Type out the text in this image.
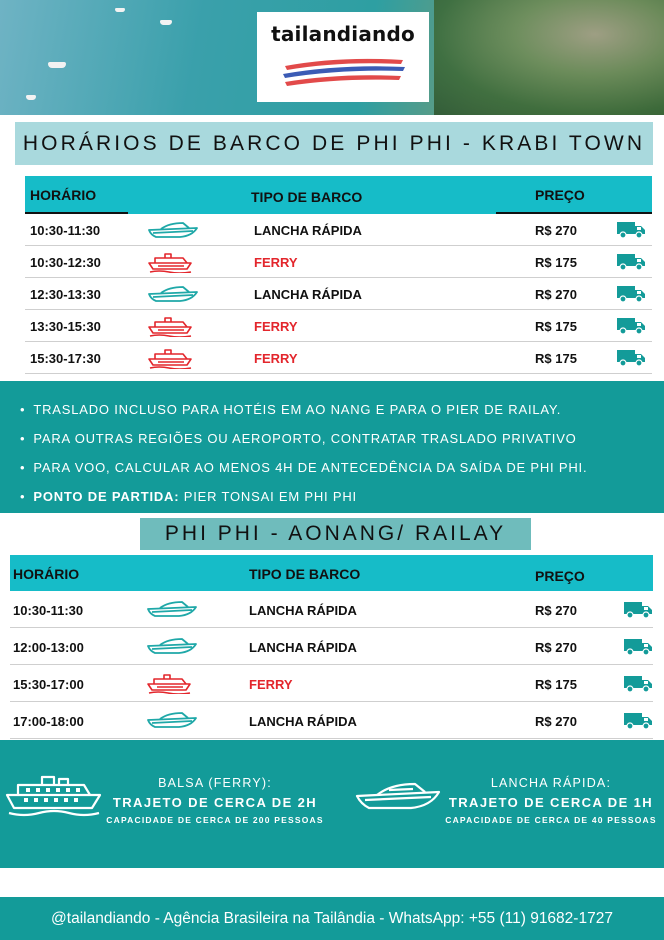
tailandiando
HORÁRIOS DE BARCO DE PHI PHI - KRABI TOWN
HORÁRIO	TIPO DE BARCO	PREÇO
10:30-11:30	LANCHA RÁPIDA	R$ 270
10:30-12:30	FERRY	R$ 175
12:30-13:30	LANCHA RÁPIDA	R$ 270
13:30-15:30	FERRY	R$ 175
15:30-17:30	FERRY	R$ 175
• TRASLADO INCLUSO PARA HOTÉIS EM AO NANG E PARA O PIER DE RAILAY.
• PARA OUTRAS REGIÕES OU AEROPORTO, CONTRATAR TRASLADO PRIVATIVO
• PARA VOO, CALCULAR AO MENOS 4H DE ANTECEDÊNCIA DA SAÍDA DE PHI PHI.
• PONTO DE PARTIDA: PIER TONSAI EM PHI PHI
PHI PHI - AONANG/ RAILAY
HORÁRIO	TIPO DE BARCO	PREÇO
10:30-11:30	LANCHA RÁPIDA	R$ 270
12:00-13:00	LANCHA RÁPIDA	R$ 270
15:30-17:00	FERRY	R$ 175
17:00-18:00	LANCHA RÁPIDA	R$ 270
BALSA (FERRY):
TRAJETO DE CERCA DE 2H
CAPACIDADE DE CERCA DE 200 PESSOAS
LANCHA RÁPIDA:
TRAJETO DE CERCA DE 1H
CAPACIDADE DE CERCA DE 40 PESSOAS
@tailandiando - Agência Brasileira na Tailândia - WhatsApp: +55 (11) 91682-1727
